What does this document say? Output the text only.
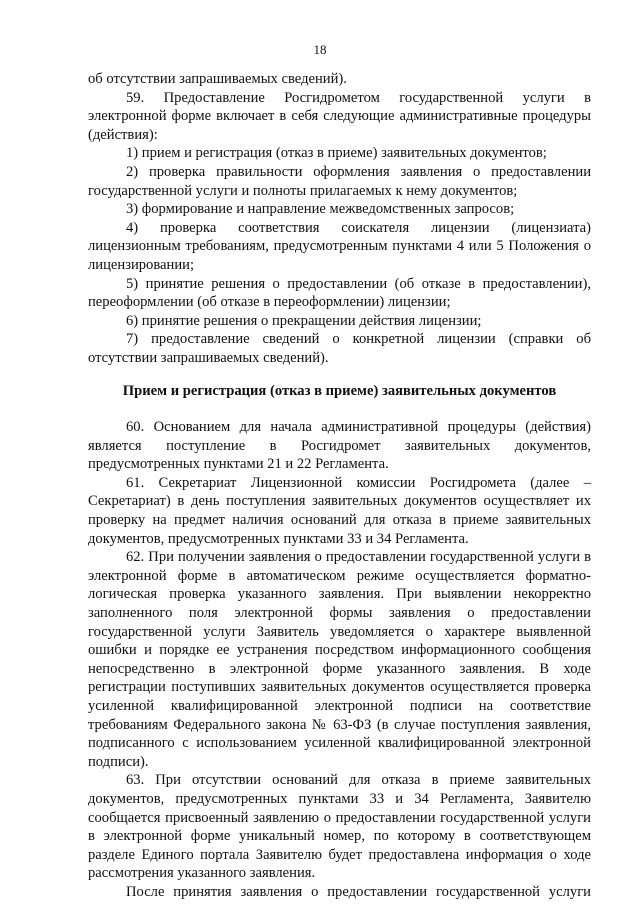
18

об отсутствии запрашиваемых сведений).

59. Предоставление Росгидрометом государственной услуги в электронной форме включает в себя следующие административные процедуры (действия):

1) прием и регистрация (отказ в приеме) заявительных документов;

2) проверка правильности оформления заявления о предоставлении государственной услуги и полноты прилагаемых к нему документов;

3) формирование и направление межведомственных запросов;

4) проверка соответствия соискателя лицензии (лицензиата) лицензионным требованиям, предусмотренным пунктами 4 или 5 Положения о лицензировании;

5) принятие решения о предоставлении (об отказе в предоставлении), переоформлении (об отказе в переоформлении) лицензии;

6) принятие решения о прекращении действия лицензии;

7) предоставление сведений о конкретной лицензии (справки об отсутствии запрашиваемых сведений).

Прием и регистрация (отказ в приеме) заявительных документов

60. Основанием для начала административной процедуры (действия) является поступление в Росгидромет заявительных документов, предусмотренных пунктами 21 и 22 Регламента.

61. Секретариат Лицензионной комиссии Росгидромета (далее – Секретариат) в день поступления заявительных документов осуществляет их проверку на предмет наличия оснований для отказа в приеме заявительных документов, предусмотренных пунктами 33 и 34 Регламента.

62. При получении заявления о предоставлении государственной услуги в электронной форме в автоматическом режиме осуществляется форматно-логическая проверка указанного заявления. При выявлении некорректно заполненного поля электронной формы заявления о предоставлении государственной услуги Заявитель уведомляется о характере выявленной ошибки и порядке ее устранения посредством информационного сообщения непосредственно в электронной форме указанного заявления. В ходе регистрации поступивших заявительных документов осуществляется проверка усиленной квалифицированной электронной подписи на соответствие требованиям Федерального закона № 63-ФЗ (в случае поступления заявления, подписанного с использованием усиленной квалифицированной электронной подписи).

63. При отсутствии оснований для отказа в приеме заявительных документов, предусмотренных пунктами 33 и 34 Регламента, Заявителю сообщается присвоенный заявлению о предоставлении государственной услуги в электронной форме уникальный номер, по которому в соответствующем разделе Единого портала Заявителю будет предоставлена информация о ходе рассмотрения указанного заявления.

После принятия заявления о предоставлении государственной услуги
